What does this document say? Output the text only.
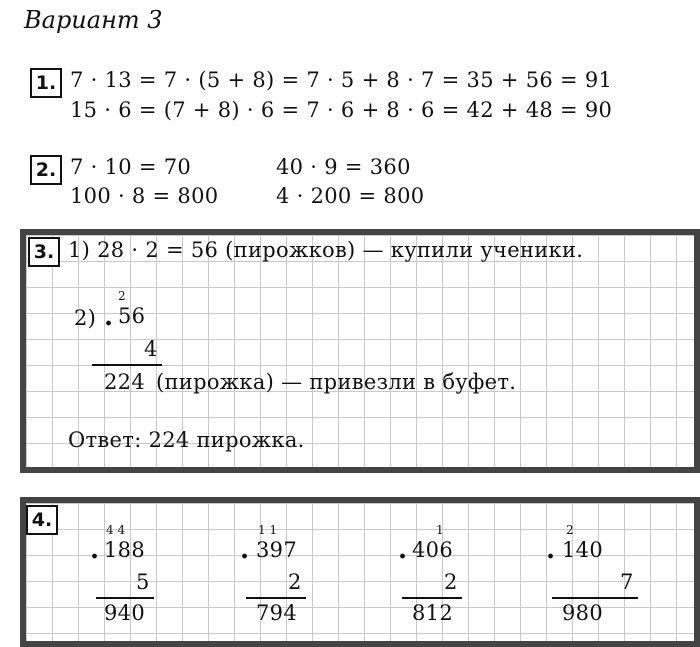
Вариант 3
1. 7 · 13 = 7 · (5 + 8) = 7 · 5 + 8 · 7 = 35 + 56 = 91
15 · 6 = (7 + 8) · 6 = 7 · 6 + 8 · 6 = 42 + 48 = 90
2. 7 · 10 = 70	40 · 9 = 360
100 · 8 = 800	4 · 200 = 800
3. 1) 28 · 2 = 56 (пирожков) — купили ученики.
2) .
2
56
4
224 (пирожка) — привезли в буфет.
Ответ: 224 пирожка.
4.	4 4
. 188
5
940
1 1
. 397
2
794
1
. 406
2
812
2
. 140
7
980
